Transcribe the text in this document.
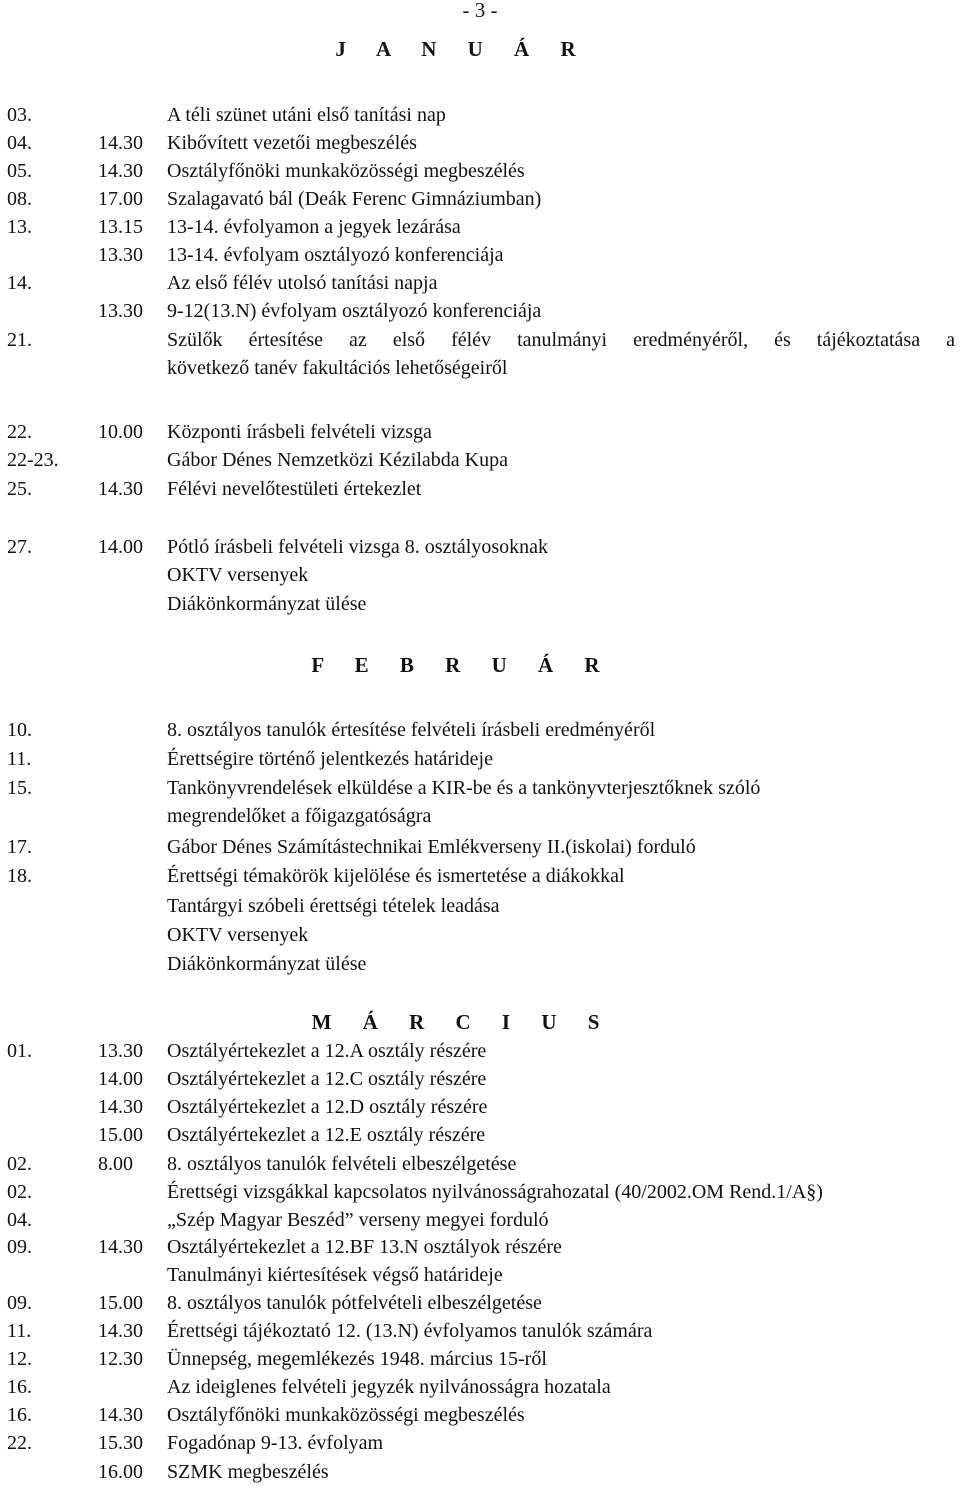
- 3 -
J A N U Á R
03.	A téli szünet utáni első tanítási nap
04.	14.30 Kibővített vezetői megbeszélés
05.	14.30 Osztályfőnöki munkaközösségi megbeszélés
08.	17.00 Szalagavató bál (Deák Ferenc Gimnáziumban)
13.	13.15 13-14. évfolyamon a jegyek lezárása
13.30 13-14. évfolyam osztályozó konferenciája
14.	Az első félév utolsó tanítási napja
13.30 9-12(13.N) évfolyam osztályozó konferenciája
21.	Szülők értesítése az első félév tanulmányi eredményéről, és tájékoztatása a
következő tanév fakultációs lehetőségeiről
22.	10.00 Központi írásbeli felvételi vizsga
22-23.	Gábor Dénes Nemzetközi Kézilabda Kupa
25.	14.30 Félévi nevelőtestületi értekezlet
27.	14.00 Pótló írásbeli felvételi vizsga 8. osztályosoknak
OKTV versenyek
Diákönkormányzat ülése
F E B R U Á R
10.	8. osztályos tanulók értesítése felvételi írásbeli eredményéről
11.	Érettségire történő jelentkezés határideje
15.	Tankönyvrendelések elküldése a KIR-be és a tankönyvterjesztőknek szóló
megrendelőket a főigazgatóságra
17.	Gábor Dénes Számítástechnikai Emlékverseny II.(iskolai) forduló
18.	Érettségi témakörök kijelölése és ismertetése a diákokkal
Tantárgyi szóbeli érettségi tételek leadása
OKTV versenyek
Diákönkormányzat ülése
M Á R C I U S
01.	13.30 Osztályértekezlet a 12.A osztály részére
14.00 Osztályértekezlet a 12.C osztály részére
14.30 Osztályértekezlet a 12.D osztály részére
15.00 Osztályértekezlet a 12.E osztály részére
02.	8.00 8. osztályos tanulók felvételi elbeszélgetése
02.	Érettségi vizsgákkal kapcsolatos nyilvánosságrahozatal (40/2002.OM Rend.1/A§)
04.	„Szép Magyar Beszéd” verseny megyei forduló
09.	14.30 Osztályértekezlet a 12.BF 13.N osztályok részére
Tanulmányi kiértesítések végső határideje
09.	15.00 8. osztályos tanulók pótfelvételi elbeszélgetése
11.	14.30 Érettségi tájékoztató 12. (13.N) évfolyamos tanulók számára
12.	12.30 Ünnepség, megemlékezés 1948. március 15-ről
16.	Az ideiglenes felvételi jegyzék nyilvánosságra hozatala
16.	14.30 Osztályfőnöki munkaközösségi megbeszélés
22.	15.30 Fogadónap 9-13. évfolyam
16.00 SZMK megbeszélés
